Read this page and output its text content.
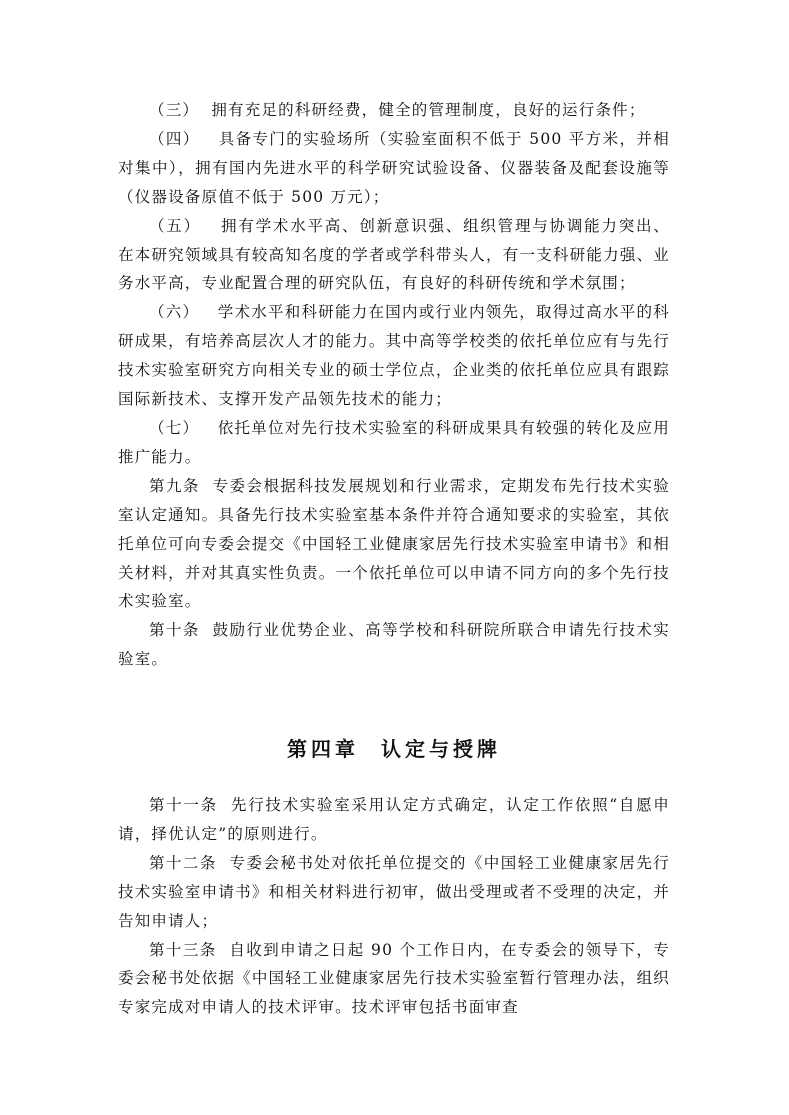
（三）  拥有充足的科研经费，健全的管理制度，良好的运行条件；

（四）   具备专门的实验场所（实验室面积不低于 500 平方米，并相对集中），拥有国内先进水平的科学研究试验设备、仪器装备及配套设施等（仪器设备原值不低于 500 万元）；

（五）   拥有学术水平高、创新意识强、组织管理与协调能力突出、  在本研究领域具有较高知名度的学者或学科带头人，有一支科研能力强、业务水平高，专业配置合理的研究队伍，有良好的科研传统和学术氛围；

（六）   学术水平和科研能力在国内或行业内领先，取得过高水平的科研成果，有培养高层次人才的能力。其中高等学校类的依托单位应有与先行技术实验室研究方向相关专业的硕士学位点，企业类的依托单位应具有跟踪国际新技术、支撑开发产品领先技术的能力；

（七）   依托单位对先行技术实验室的科研成果具有较强的转化及应用推广能力。

第九条  专委会根据科技发展规划和行业需求，定期发布先行技术实验室认定通知。具备先行技术实验室基本条件并符合通知要求的实验室，其依托单位可向专委会提交《中国轻工业健康家居先行技术实验室申请书》和相关材料，并对其真实性负责。一个依托单位可以申请不同方向的多个先行技术实验室。

第十条  鼓励行业优势企业、高等学校和科研院所联合申请先行技术实验室。

第四章  认定与授牌

第十一条  先行技术实验室采用认定方式确定，认定工作依照“自愿申请，择优认定”的原则进行。

第十二条  专委会秘书处对依托单位提交的《中国轻工业健康家居先行技术实验室申请书》和相关材料进行初审，做出受理或者不受理的决定，并告知申请人；

第十三条  自收到申请之日起 90 个工作日内，在专委会的领导下，专委会秘书处依据《中国轻工业健康家居先行技术实验室暂行管理办法，组织专家完成对申请人的技术评审。技术评审包括书面审查
